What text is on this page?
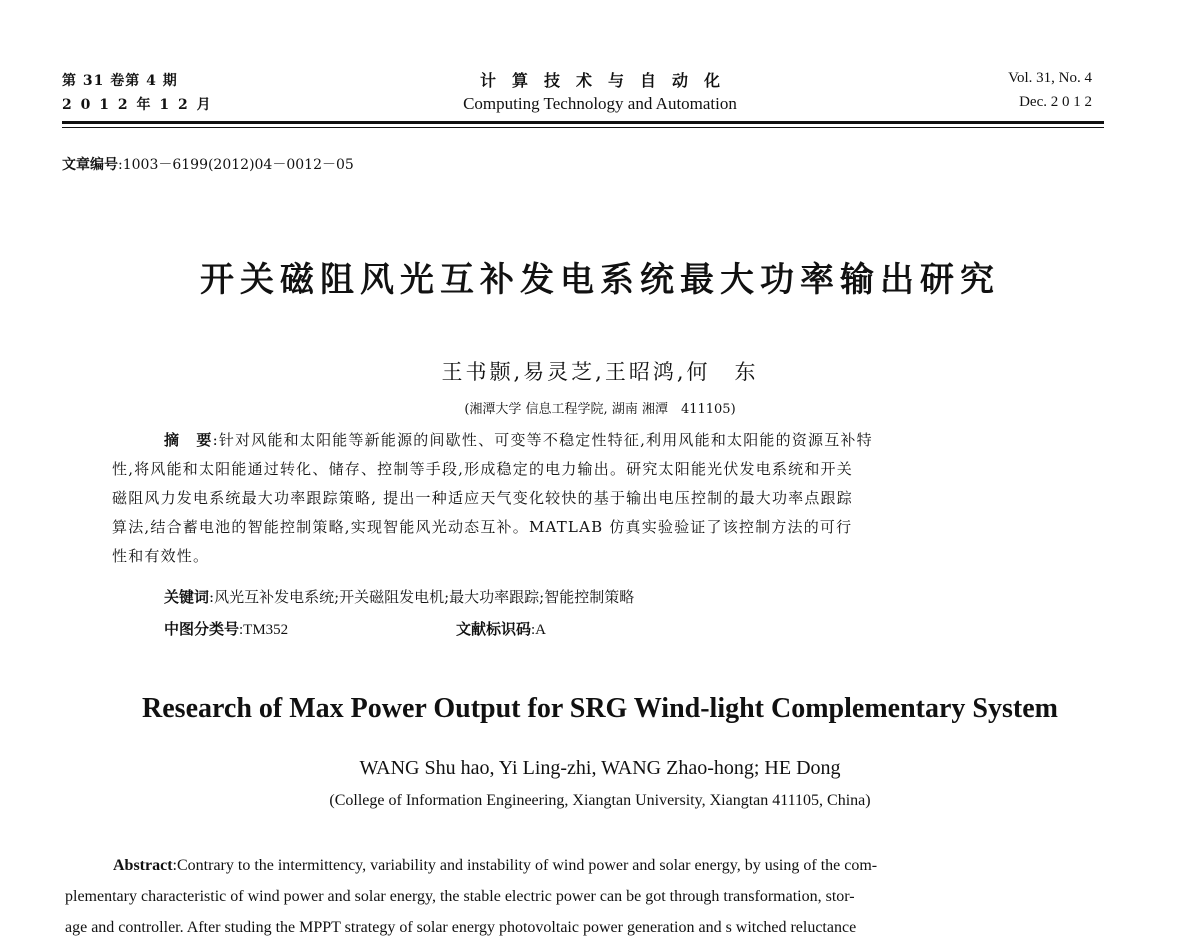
第 31 卷第 4 期
2 0 1 2 年 1 2 月
计　算　技　术　与　自　动　化
Computing Technology and Automation
Vol. 31, No. 4
Dec. 2 0 1 2
文章编号:1003－6199(2012)04－0012－05
开关磁阻风光互补发电系统最大功率输出研究
王书颢,易灵芝,王昭鸿,何　东
(湘潭大学 信息工程学院, 湖南 湘潭　411105)

摘　要:针对风能和太阳能等新能源的间歇性、可变等不稳定性特征,利用风能和太阳能的资源互补特

性,将风能和太阳能通过转化、储存、控制等手段,形成稳定的电力输出。研究太阳能光伏发电系统和开关

磁阻风力发电系统最大功率跟踪策略, 提出一种适应天气变化较快的基于输出电压控制的最大功率点跟踪

算法,结合蓄电池的智能控制策略,实现智能风光动态互补。MATLAB 仿真实验验证了该控制方法的可行

性和有效性。

关键词:风光互补发电系统;开关磁阻发电机;最大功率跟踪;智能控制策略
中图分类号:TM352	文献标识码:A
Research of Max Power Output for SRG Wind-light Complementary System
WANG Shu hao, Yi Ling-zhi, WANG Zhao-hong; HE Dong
(College of Information Engineering, Xiangtan University, Xiangtan 411105, China)

Abstract:Contrary to the intermittency, variability and instability of wind power and solar energy, by using of the com-

plementary characteristic of wind power and solar energy, the stable electric power can be got through transformation, stor-

age and controller. After studing the MPPT strategy of solar energy photovoltaic power generation and s witched reluctance
